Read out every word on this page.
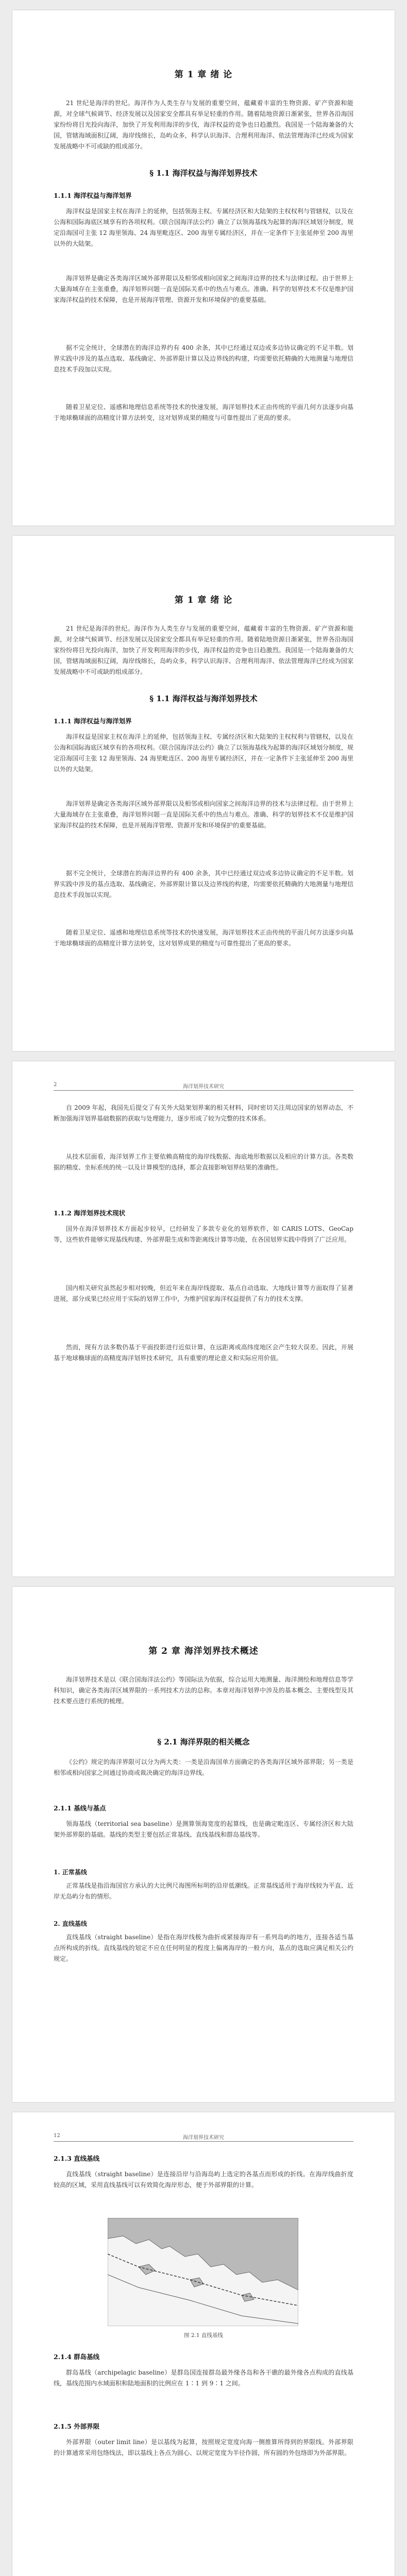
第 1 章 绪 论

21 世纪是海洋的世纪。海洋作为人类生存与发展的重要空间，蕴藏着丰富的生物资源、矿产资源和能源，对全球气候调节、经济发展以及国家安全都具有举足轻重的作用。随着陆地资源日渐紧张，世界各沿海国家纷纷将目光投向海洋，加快了开发利用海洋的步伐，海洋权益的竞争也日趋激烈。我国是一个陆海兼备的大国，管辖海域面积辽阔，海岸线绵长，岛屿众多，科学认识海洋、合理利用海洋、依法管理海洋已经成为国家发展战略中不可或缺的组成部分。

§ 1.1 海洋权益与海洋划界技术
1.1.1 海洋权益与海洋划界

海洋权益是国家主权在海洋上的延伸，包括领海主权、专属经济区和大陆架的主权权利与管辖权，以及在公海和国际海底区域享有的各项权利。《联合国海洋法公约》确立了以领海基线为起算的海洋区域划分制度，规定沿海国可主张 12 海里领海、24 海里毗连区、200 海里专属经济区，并在一定条件下主张延伸至 200 海里以外的大陆架。

海洋划界是确定各类海洋区域外部界限以及相邻或相向国家之间海洋边界的技术与法律过程。由于世界上大量海域存在主张重叠，海洋划界问题一直是国际关系中的热点与难点。准确、科学的划界技术不仅是维护国家海洋权益的技术保障，也是开展海洋管理、资源开发和环境保护的重要基础。

据不完全统计，全球潜在的海洋边界约有 400 余条，其中已经通过双边或多边协议确定的不足半数。划界实践中涉及的基点选取、基线确定、外部界限计算以及边界线的构建，均需要依托精确的大地测量与地理信息技术手段加以实现。

随着卫星定位、遥感和地理信息系统等技术的快速发展，海洋划界技术正由传统的平面几何方法逐步向基于地球椭球面的高精度计算方法转变，这对划界成果的精度与可靠性提出了更高的要求。

第 1 章 绪 论

21 世纪是海洋的世纪。海洋作为人类生存与发展的重要空间，蕴藏着丰富的生物资源、矿产资源和能源，对全球气候调节、经济发展以及国家安全都具有举足轻重的作用。随着陆地资源日渐紧张，世界各沿海国家纷纷将目光投向海洋，加快了开发利用海洋的步伐，海洋权益的竞争也日趋激烈。我国是一个陆海兼备的大国，管辖海域面积辽阔，海岸线绵长，岛屿众多，科学认识海洋、合理利用海洋、依法管理海洋已经成为国家发展战略中不可或缺的组成部分。

§ 1.1 海洋权益与海洋划界技术
1.1.1 海洋权益与海洋划界

海洋权益是国家主权在海洋上的延伸，包括领海主权、专属经济区和大陆架的主权权利与管辖权，以及在公海和国际海底区域享有的各项权利。《联合国海洋法公约》确立了以领海基线为起算的海洋区域划分制度，规定沿海国可主张 12 海里领海、24 海里毗连区、200 海里专属经济区，并在一定条件下主张延伸至 200 海里以外的大陆架。

海洋划界是确定各类海洋区域外部界限以及相邻或相向国家之间海洋边界的技术与法律过程。由于世界上大量海域存在主张重叠，海洋划界问题一直是国际关系中的热点与难点。准确、科学的划界技术不仅是维护国家海洋权益的技术保障，也是开展海洋管理、资源开发和环境保护的重要基础。

据不完全统计，全球潜在的海洋边界约有 400 余条，其中已经通过双边或多边协议确定的不足半数。划界实践中涉及的基点选取、基线确定、外部界限计算以及边界线的构建，均需要依托精确的大地测量与地理信息技术手段加以实现。

随着卫星定位、遥感和地理信息系统等技术的快速发展，海洋划界技术正由传统的平面几何方法逐步向基于地球椭球面的高精度计算方法转变，这对划界成果的精度与可靠性提出了更高的要求。

2	海洋划界技术研究

自 2009 年起，我国先后提交了有关外大陆架划界案的相关材料，同时密切关注周边国家的划界动态，不断加强海洋划界基础数据的获取与处理能力，逐步形成了较为完整的技术体系。

从技术层面看，海洋划界工作主要依赖高精度的海岸线数据、海底地形数据以及相应的计算方法。各类数据的精度、坐标系统的统一以及计算模型的选择，都会直接影响划界结果的准确性。

1.1.2 海洋划界技术现状

国外在海洋划界技术方面起步较早，已经研发了多款专业化的划界软件，如 CARIS LOTS、GeoCap 等，这些软件能够实现基线构建、外部界限生成和等距离线计算等功能，在各国划界实践中得到了广泛应用。

国内相关研究虽然起步相对较晚，但近年来在海岸线提取、基点自动选取、大地线计算等方面取得了显著进展，部分成果已经应用于实际的划界工作中，为维护国家海洋权益提供了有力的技术支撑。

然而，现有方法多数仍基于平面投影进行近似计算，在远距离或高纬度地区会产生较大误差。因此，开展基于地球椭球面的高精度海洋划界技术研究，具有重要的理论意义和实际应用价值。

第 2 章 海洋划界技术概述

海洋划界技术是以《联合国海洋法公约》等国际法为依据，综合运用大地测量、海洋测绘和地理信息等学科知识，确定各类海洋区域界限的一系列技术方法的总称。本章对海洋划界中涉及的基本概念、主要线型及其技术要点进行系统的梳理。

§ 2.1 海洋界限的相关概念

《公约》规定的海洋界限可以分为两大类：一类是沿海国单方面确定的各类海洋区域外部界限；另一类是相邻或相向国家之间通过协商或裁决确定的海洋边界线。

2.1.1 基线与基点

领海基线（territorial sea baseline）是测算领海宽度的起算线，也是确定毗连区、专属经济区和大陆架外部界限的基础。基线的类型主要包括正常基线、直线基线和群岛基线等。

1. 正常基线

正常基线是指沿海国官方承认的大比例尺海图所标明的沿岸低潮线。正常基线适用于海岸线较为平直、近岸无岛屿分布的情形。

2. 直线基线

直线基线（straight baseline）是指在海岸线极为曲折或紧接海岸有一系列岛屿的地方，连接各适当基点所构成的折线。直线基线的划定不应在任何明显的程度上偏离海岸的一般方向，基点的选取应满足相关公约规定。

12	海洋划界技术研究
2.1.3 直线基线

直线基线（straight baseline）是连接沿岸与沿海岛屿上选定的各基点而形成的折线。在海岸线曲折度较高的区域，采用直线基线可以有效简化海岸形态，便于外部界限的计算。

图 2.1 直线基线
2.1.4 群岛基线

群岛基线（archipelagic baseline）是群岛国连接群岛最外缘各岛和各干礁的最外缘各点构成的直线基线，基线范围内水域面积和陆地面积的比例应在 1∶1 到 9∶1 之间。

2.1.5 外部界限

外部界限（outer limit line）是以基线为起算，按照规定宽度向海一侧推算所得到的界限线。外部界限的计算通常采用包络线法，即以基线上各点为圆心、以规定宽度为半径作圆，所有圆的外包络即为外部界限。
